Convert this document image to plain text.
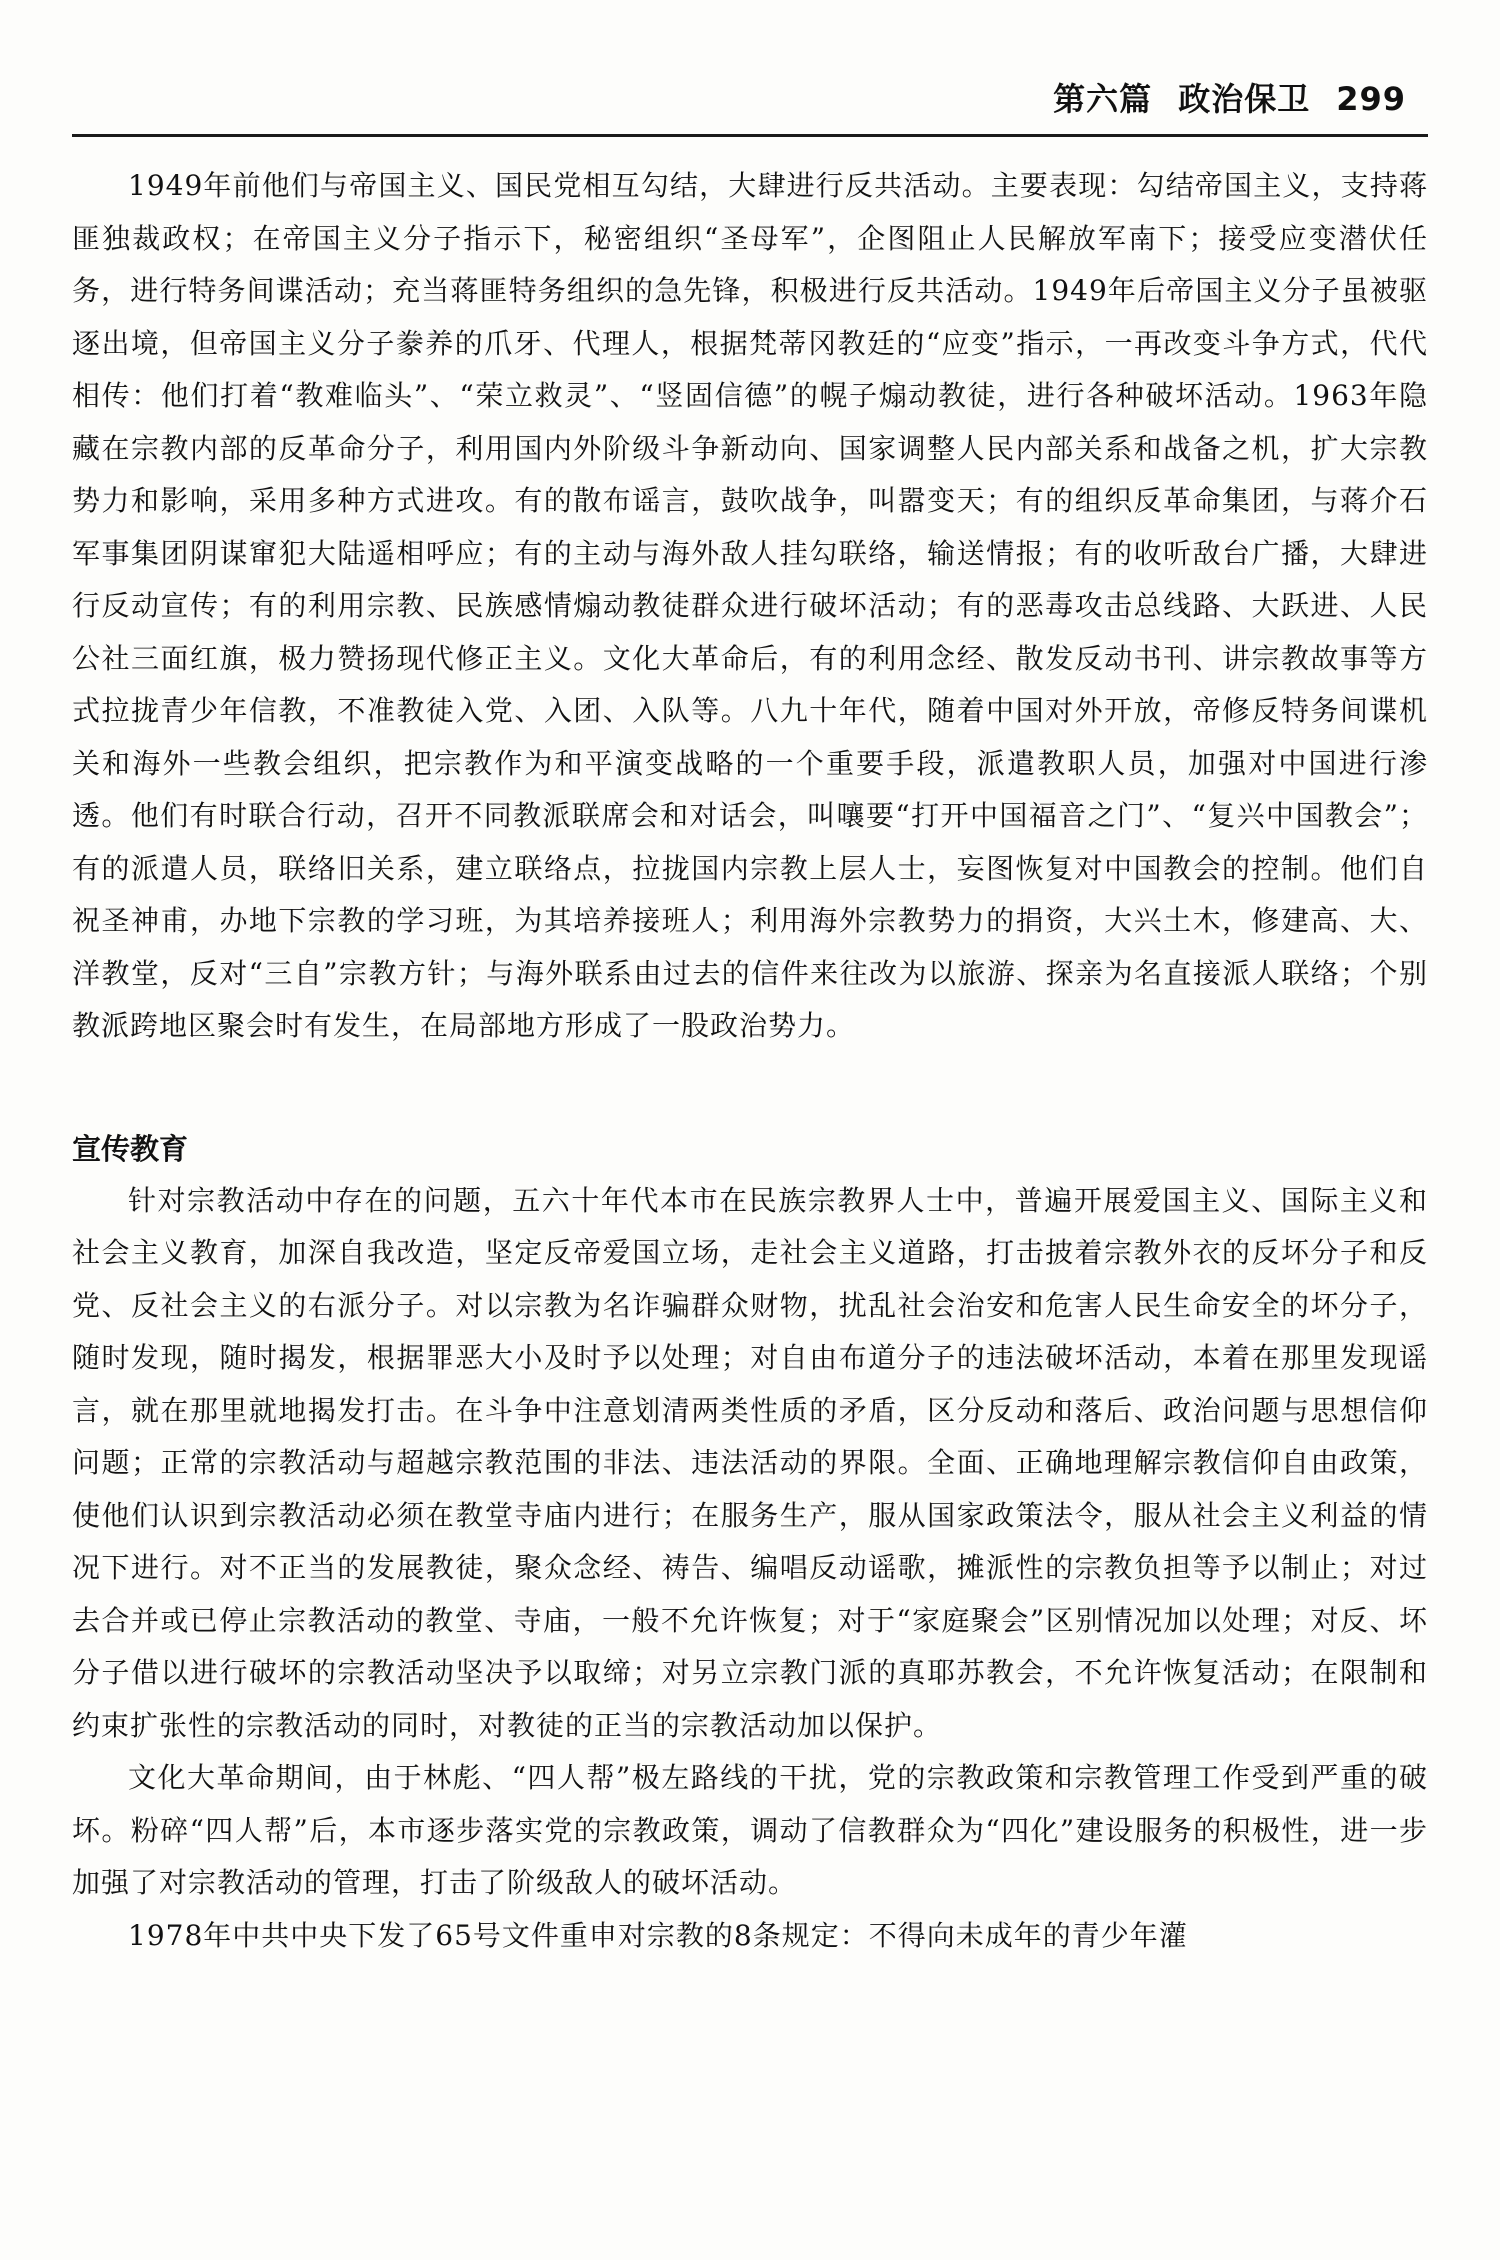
第六篇 政治保卫 299

1949年前他们与帝国主义、国民党相互勾结，大肆进行反共活动。主要表现：勾结帝国主义，支持蒋匪独裁政权；在帝国主义分子指示下，秘密组织“圣母军”，企图阻止人民解放军南下；接受应变潜伏任务，进行特务间谍活动；充当蒋匪特务组织的急先锋，积极进行反共活动。1949年后帝国主义分子虽被驱逐出境，但帝国主义分子豢养的爪牙、代理人，根据梵蒂冈教廷的“应变”指示，一再改变斗争方式，代代相传：他们打着“教难临头”、“荣立救灵”、“竖固信德”的幌子煽动教徒，进行各种破坏活动。1963年隐藏在宗教内部的反革命分子，利用国内外阶级斗争新动向、国家调整人民内部关系和战备之机，扩大宗教势力和影响，采用多种方式进攻。有的散布谣言，鼓吹战争，叫嚣变天；有的组织反革命集团，与蒋介石军事集团阴谋窜犯大陆遥相呼应；有的主动与海外敌人挂勾联络，输送情报；有的收听敌台广播，大肆进行反动宣传；有的利用宗教、民族感情煽动教徒群众进行破坏活动；有的恶毒攻击总线路、大跃进、人民公社三面红旗，极力赞扬现代修正主义。文化大革命后，有的利用念经、散发反动书刊、讲宗教故事等方式拉拢青少年信教，不准教徒入党、入团、入队等。八九十年代，随着中国对外开放，帝修反特务间谍机关和海外一些教会组织，把宗教作为和平演变战略的一个重要手段，派遣教职人员，加强对中国进行渗透。他们有时联合行动，召开不同教派联席会和对话会，叫嚷要“打开中国福音之门”、“复兴中国教会”；有的派遣人员，联络旧关系，建立联络点，拉拢国内宗教上层人士，妄图恢复对中国教会的控制。他们自祝圣神甫，办地下宗教的学习班，为其培养接班人；利用海外宗教势力的捐资，大兴土木，修建高、大、洋教堂，反对“三自”宗教方针；与海外联系由过去的信件来往改为以旅游、探亲为名直接派人联络；个别教派跨地区聚会时有发生，在局部地方形成了一股政治势力。

宣传教育

针对宗教活动中存在的问题，五六十年代本市在民族宗教界人士中，普遍开展爱国主义、国际主义和社会主义教育，加深自我改造，坚定反帝爱国立场，走社会主义道路，打击披着宗教外衣的反坏分子和反党、反社会主义的右派分子。对以宗教为名诈骗群众财物，扰乱社会治安和危害人民生命安全的坏分子，随时发现，随时揭发，根据罪恶大小及时予以处理；对自由布道分子的违法破坏活动，本着在那里发现谣言，就在那里就地揭发打击。在斗争中注意划清两类性质的矛盾，区分反动和落后、政治问题与思想信仰问题；正常的宗教活动与超越宗教范围的非法、违法活动的界限。全面、正确地理解宗教信仰自由政策，使他们认识到宗教活动必须在教堂寺庙内进行；在服务生产，服从国家政策法令，服从社会主义利益的情况下进行。对不正当的发展教徒，聚众念经、祷告、编唱反动谣歌，摊派性的宗教负担等予以制止；对过去合并或已停止宗教活动的教堂、寺庙，一般不允许恢复；对于“家庭聚会”区别情况加以处理；对反、坏分子借以进行破坏的宗教活动坚决予以取缔；对另立宗教门派的真耶苏教会，不允许恢复活动；在限制和约束扩张性的宗教活动的同时，对教徒的正当的宗教活动加以保护。

文化大革命期间，由于林彪、“四人帮”极左路线的干扰，党的宗教政策和宗教管理工作受到严重的破坏。粉碎“四人帮”后，本市逐步落实党的宗教政策，调动了信教群众为“四化”建设服务的积极性，进一步加强了对宗教活动的管理，打击了阶级敌人的破坏活动。

1978年中共中央下发了65号文件重申对宗教的8条规定：不得向未成年的青少年灌
